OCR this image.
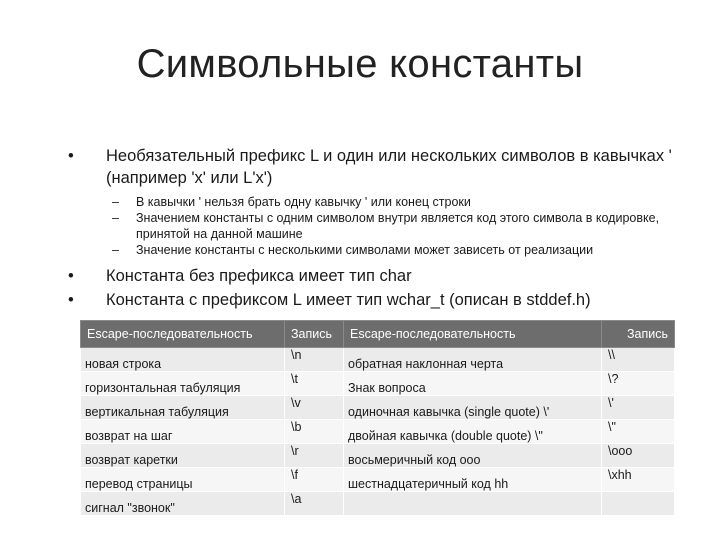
Символьные константы
• Необязательный префикс L и один или нескольких символов в кавычках ' (например 'x' или L'x')
– В кавычки ' нельзя брать одну кавычку ' или конец строки
– Значением константы с одним символом внутри является код этого символа в кодировке, принятой на данной машине
– Значение константы с несколькими символами может зависеть от реализации
• Константа без префикса имеет тип char
• Константа с префиксом L имеет тип wchar_t (описан в stddef.h)
Escape-последовательность	Запись	Escape-последовательность	Запись
новая строка	\n	обратная наклонная черта	\\
горизонтальная табуляция	\t	Знак вопроса	\?
вертикальная табуляция	\v	одиночная кавычка (single quote) \'	\'
возврат на шаг	\b	двойная кавычка (double quote) \"	\"
возврат каретки	\r	восьмеричный код ооо	\ooo
перевод страницы	\f	шестнадцатеричный код hh	\xhh
сигнал "звонок"	\a		
